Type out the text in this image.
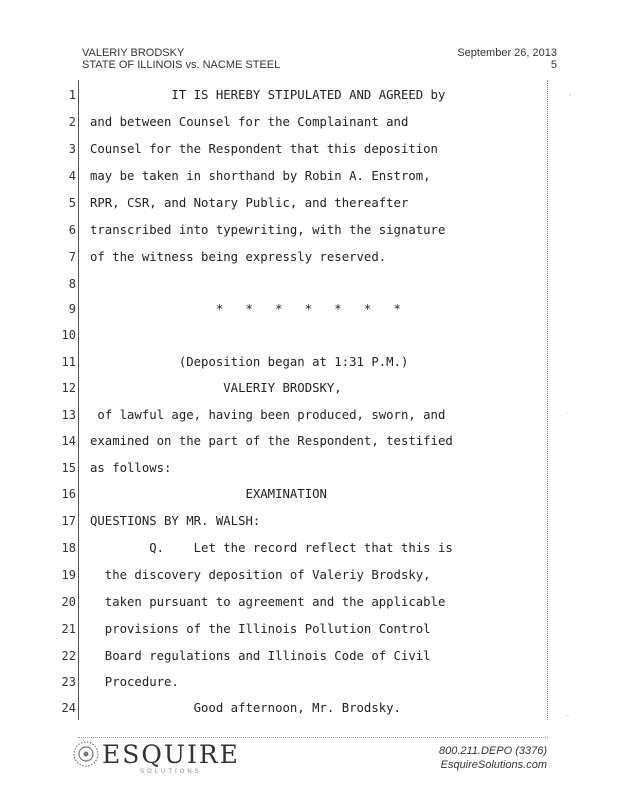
VALERIY BRODSKY
STATE OF ILLINOIS vs. NACME STEEL
September 26, 2013
5
1 IT IS HEREBY STIPULATED AND AGREED by
2 and between Counsel for the Complainant and
3 Counsel for the Respondent that this deposition
4 may be taken in shorthand by Robin A. Enstrom,
5 RPR, CSR, and Notary Public, and thereafter
6 transcribed into typewriting, with the signature
7 of the witness being expressly reserved.
8
9 *   *   *   *   *   *   *
10
11 (Deposition began at 1:31 P.M.)
12 VALERIY BRODSKY,
13 of lawful age, having been produced, sworn, and
14 examined on the part of the Respondent, testified
15 as follows:
16 EXAMINATION
17 QUESTIONS BY MR. WALSH:
18 Q.    Let the record reflect that this is
19 the discovery deposition of Valeriy Brodsky,
20 taken pursuant to agreement and the applicable
21 provisions of the Illinois Pollution Control
22 Board regulations and Illinois Code of Civil
23 Procedure.
24 Good afternoon, Mr. Brodsky.
’
ˌ
¨
ESQUIRE
SOLUTIONS
800.211.DEPO (3376)
EsquireSolutions.com
